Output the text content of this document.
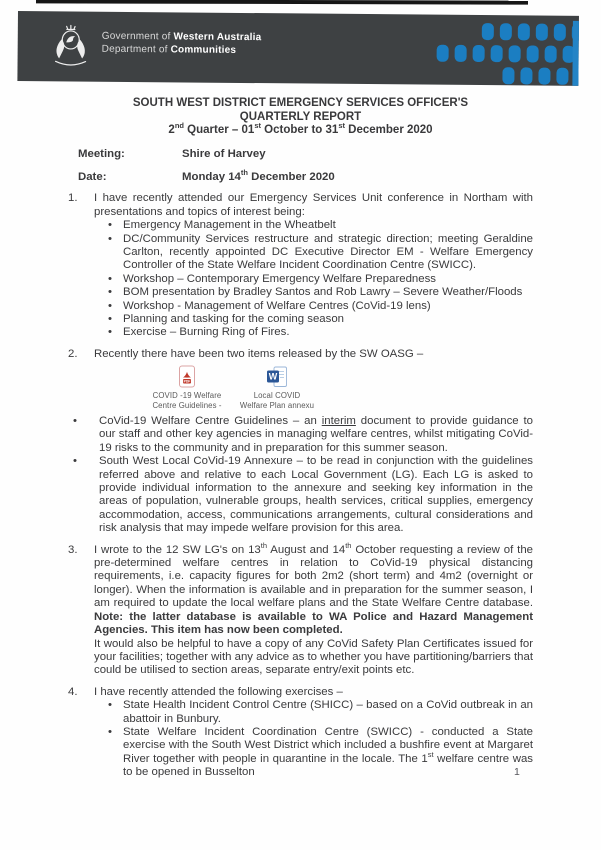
Government of Western Australia
Department of Communities
SOUTH WEST DISTRICT EMERGENCY SERVICES OFFICER'S
QUARTERLY REPORT
2nd Quarter – 01st October to 31st December 2020
Meeting:	Shire of Harvey
Date:	Monday 14th December 2020
1.	I have recently attended our Emergency Services Unit conference in Northam with presentations and topics of interest being:

• Emergency Management in the Wheatbelt
• DC/Community Services restructure and strategic direction; meeting Geraldine Carlton, recently appointed DC Executive Director EM - Welfare Emergency Controller of the State Welfare Incident Coordination Centre (SWICC).
• Workshop – Contemporary Emergency Welfare Preparedness
• BOM presentation by Bradley Santos and Rob Lawry – Severe Weather/Floods
• Workshop - Management of Welfare Centres (CoVid-19 lens)
• Planning and tasking for the coming season
• Exercise – Burning Ring of Fires.
2.	Recently there have been two items released by the SW OASG –

PDF
COVID -19 Welfare
Centre Guidelines -
W
Local COVID
Welfare Plan annexu
•	CoVid-19 Welfare Centre Guidelines – an interim document to provide guidance to our staff and other key agencies in managing welfare centres, whilst mitigating CoVid-19 risks to the community and in preparation for this summer season.
•	South West Local CoVid-19 Annexure – to be read in conjunction with the guidelines referred above and relative to each Local Government (LG). Each LG is asked to provide individual information to the annexure and seeking key information in the areas of population, vulnerable groups, health services, critical supplies, emergency accommodation, access, communications arrangements, cultural considerations and risk analysis that may impede welfare provision for this area.
3.	I wrote to the 12 SW LG's on 13th August and 14th October requesting a review of the pre-determined welfare centres in relation to CoVid-19 physical distancing requirements, i.e. capacity figures for both 2m2 (short term) and 4m2 (overnight or longer). When the information is available and in preparation for the summer season, I am required to update the local welfare plans and the State Welfare Centre database. Note: the latter database is available to WA Police and Hazard Management Agencies. This item has now been completed.

It would also be helpful to have a copy of any CoVid Safety Plan Certificates issued for your facilities; together with any advice as to whether you have partitioning/barriers that could be utilised to section areas, separate entry/exit points etc.

4.	I have recently attended the following exercises –

• State Health Incident Control Centre (SHICC) – based on a CoVid outbreak in an abattoir in Bunbury.
• State Welfare Incident Coordination Centre (SWICC) - conducted a State exercise with the South West District which included a bushfire event at Margaret River together with people in quarantine in the locale. The 1st welfare centre was to be opened in Busselton	1
